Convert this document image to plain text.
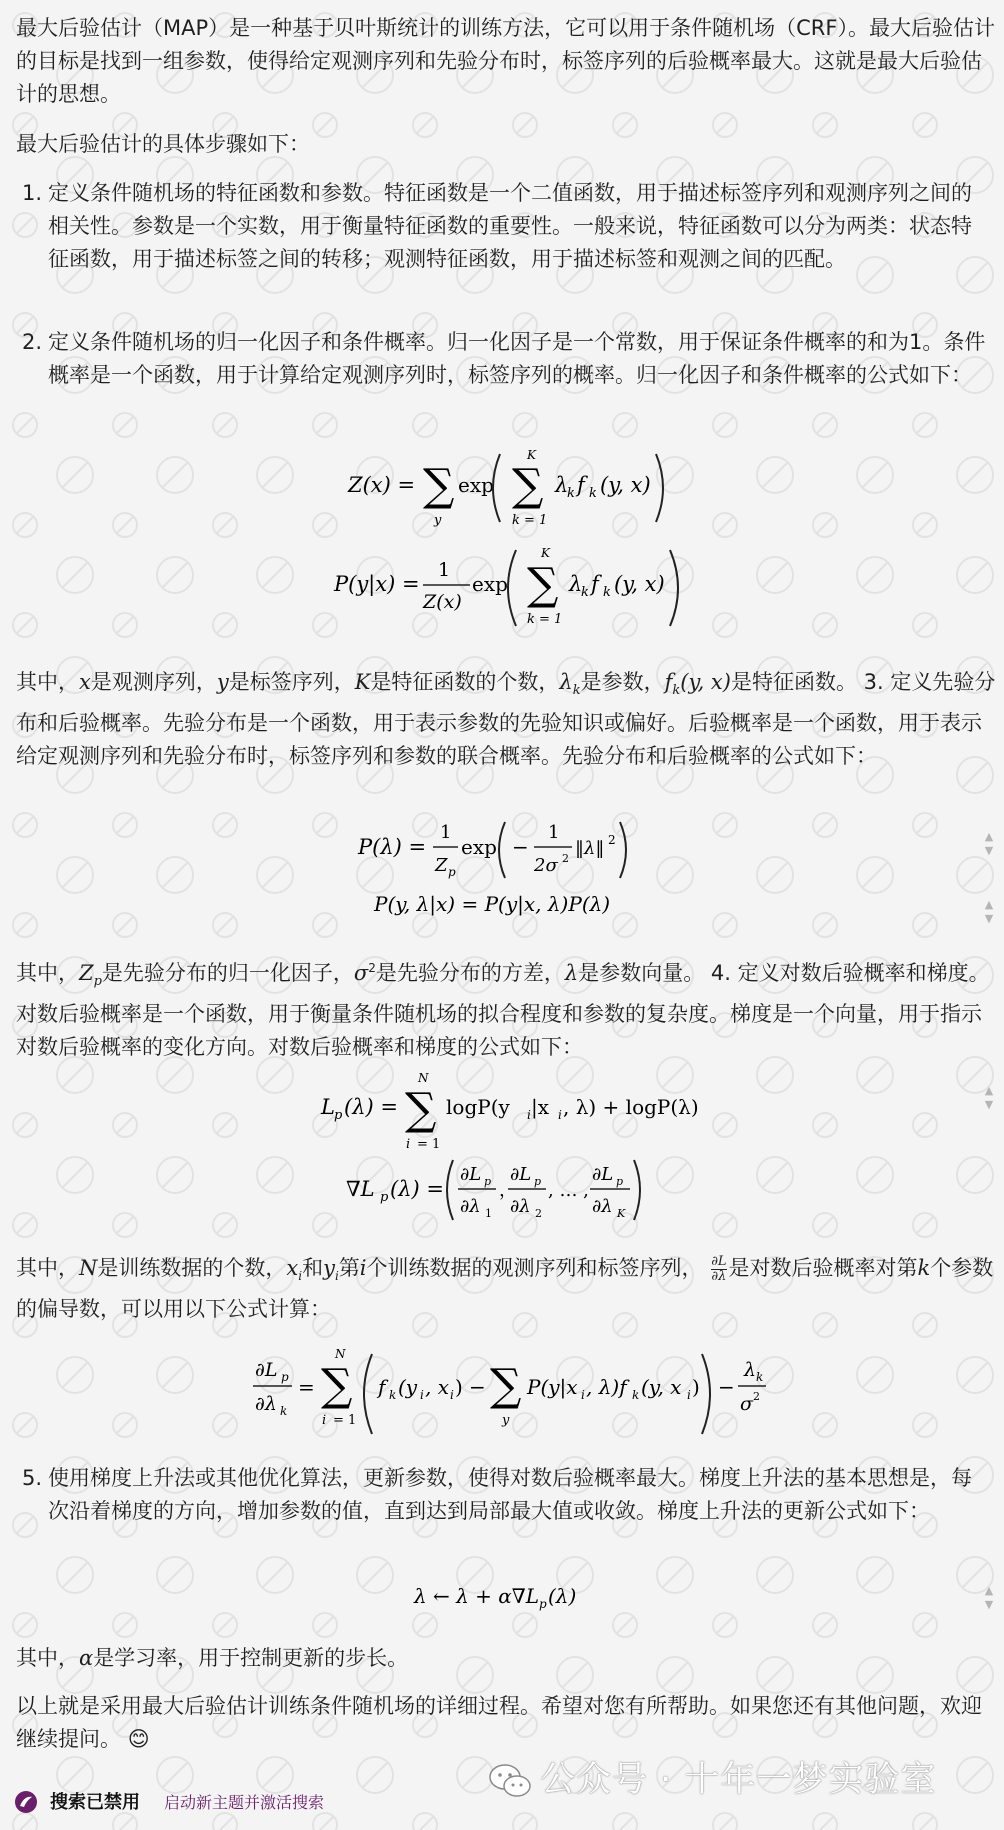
最大后验估计（MAP）是一种基于贝叶斯统计的训练方法，它可以用于条件随机场（CRF）。最大后验估计的目标是找到一组参数，使得给定观测序列和先验分布时，标签序列的后验概率最大。这就是最大后验估计的思想。
最大后验估计的具体步骤如下：
1. 定义条件随机场的特征函数和参数。特征函数是一个二值函数，用于描述标签序列和观测序列之间的相关性。参数是一个实数，用于衡量特征函数的重要性。一般来说，特征函数可以分为两类：状态特征函数，用于描述标签之间的转移；观测特征函数，用于描述标签和观测之间的匹配。
2. 定义条件随机场的归一化因子和条件概率。归一化因子是一个常数，用于保证条件概率的和为1。条件概率是一个函数，用于计算给定观测序列时，标签序列的概率。归一化因子和条件概率的公式如下：
Z(x) = ∑
y
exp
K
∑
k = 1
λ
k f k (y, x)
P(y|x) =
1
Z(x)
exp
K
∑
k = 1
λ
k f k (y, x)
其中，x是观测序列，y是标签序列，K是特征函数的个数，$\lambda_k$是参数，$f_k(y$, x)是特征函数。 3. 定义先验分布和后验概率。先验分布是一个函数，用于表示参数的先验知识或偏好。后验概率是一个函数，用于表示给定观测序列和先验分布时，标签序列和参数的联合概率。先验分布和后验概率的公式如下：
P(λ) =
1
Z p
exp −
1
2σ 2 ‖λ‖ 2
P(y, λ|x) = P(y|x, λ)P(λ)
▲
▼
▲
▼
其中，$Z_p$是先验分布的归一化因子，$\sigma^2$是先验分布的方差，λ是参数向量。 4. 定义对数后验概率和梯度。对数后验概率是一个函数，用于衡量条件随机场的拟合程度和参数的复杂度。梯度是一个向量，用于指示对数后验概率的变化方向。对数后验概率和梯度的公式如下：
L p (λ) =
N
∑
i = 1
logP(y i |x i , λ) + logP(λ)
∇L p (λ) =
∂L p
∂λ 1
，
∂L p
∂λ 2
, … ,
∂L p
∂λ K
▲
▼
其中，N是训练数据的个数，$x_i$和$y_i$第i个训练数据的观测序列和标签序列， $\frac{\partial L}{\partial\lambda}$ 是对数后验概率对第k个参数的偏导数，可以用以下公式计算：
∂L p
∂λ k
=
N
∑
i = 1
f k (y i , x i ) − ∑
y
P(y|x i , λ)f k (y, x i ) −
λ k
σ 2
5. 使用梯度上升法或其他优化算法，更新参数，使得对数后验概率最大。梯度上升法的基本思想是，每次沿着梯度的方向，增加参数的值，直到达到局部最大值或收敛。梯度上升法的更新公式如下：
λ ← λ + α∇L p (λ)	▲
▼
其中，α是学习率，用于控制更新的步长。
以上就是采用最大后验估计训练条件随机场的详细过程。希望对您有所帮助。如果您还有其他问题，欢迎继续提问。 😊
公众号 · 十年一梦实验室
搜索已禁用 启动新主题并激活搜索
